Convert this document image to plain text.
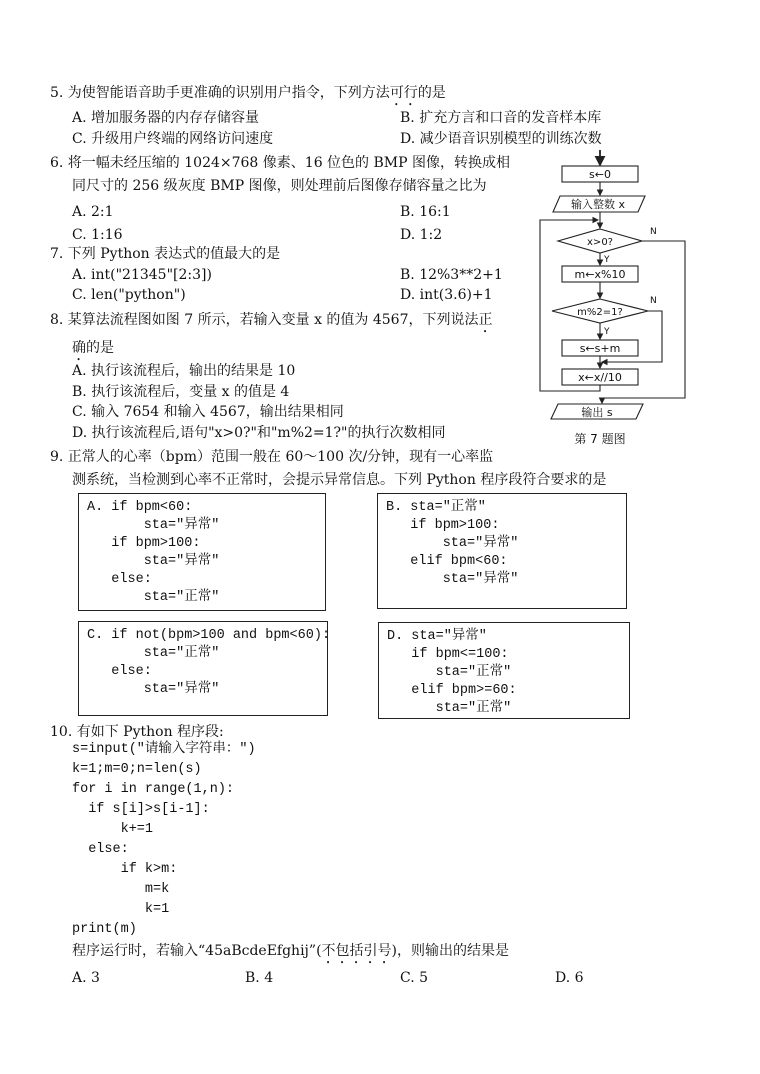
5. 为使智能语音助手更准确的识别用户指令，下列方法可行的是
A. 增加服务器的内存存储容量	B. 扩充方言和口音的发音样本库
C. 升级用户终端的网络访问速度	D. 减少语音识别模型的训练次数
6. 将一幅未经压缩的 1024×768 像素、16 位色的 BMP 图像，转换成相
同尺寸的 256 级灰度 BMP 图像，则处理前后图像存储容量之比为
A. 2:1	B. 16:1
C. 1:16	D. 1:2
7. 下列 Python 表达式的值最大的是
A. int("21345"[2:3])	B. 12%3**2+1
C. len("python")	D. int(3.6)+1
8. 某算法流程图如图 7 所示，若输入变量 x 的值为 4567，下列说法正
确的是
A. 执行该流程后，输出的结果是 10
B. 执行该流程后，变量 x 的值是 4
C. 输入 7654 和输入 4567，输出结果相同
D. 执行该流程后,语句"x>0?"和"m%2=1?"的执行次数相同
s←0
输入整数 x
x>0?
Y
N
m←x%10
m%2=1?
Y
N
s←s+m
x←x//10
输出 s
第 7 题图
9. 正常人的心率（bpm）范围一般在 60～100 次/分钟，现有一心率监
测系统，当检测到心率不正常时，会提示异常信息。下列 Python 程序段符合要求的是
A. if bpm<60:
sta="异常"
if bpm>100:
sta="异常"
else:
sta="正常"
B. sta="正常"
if bpm>100:
sta="异常"
elif bpm<60:
sta="异常"
C. if not(bpm>100 and bpm<60):
sta="正常"
else:
sta="异常"
D. sta="异常"
if bpm<=100:
sta="正常"
elif bpm>=60:
sta="正常"
10. 有如下 Python 程序段:
s=input("请输入字符串：")
k=1;m=0;n=len(s)
for i in range(1,n):
if s[i]>s[i-1]:
k+=1
else:
if k>m:
m=k
k=1
print(m)
程序运行时，若输入“45aBcdeEfghij”(不包括引号)，则输出的结果是
A. 3	B. 4	C. 5	D. 6
